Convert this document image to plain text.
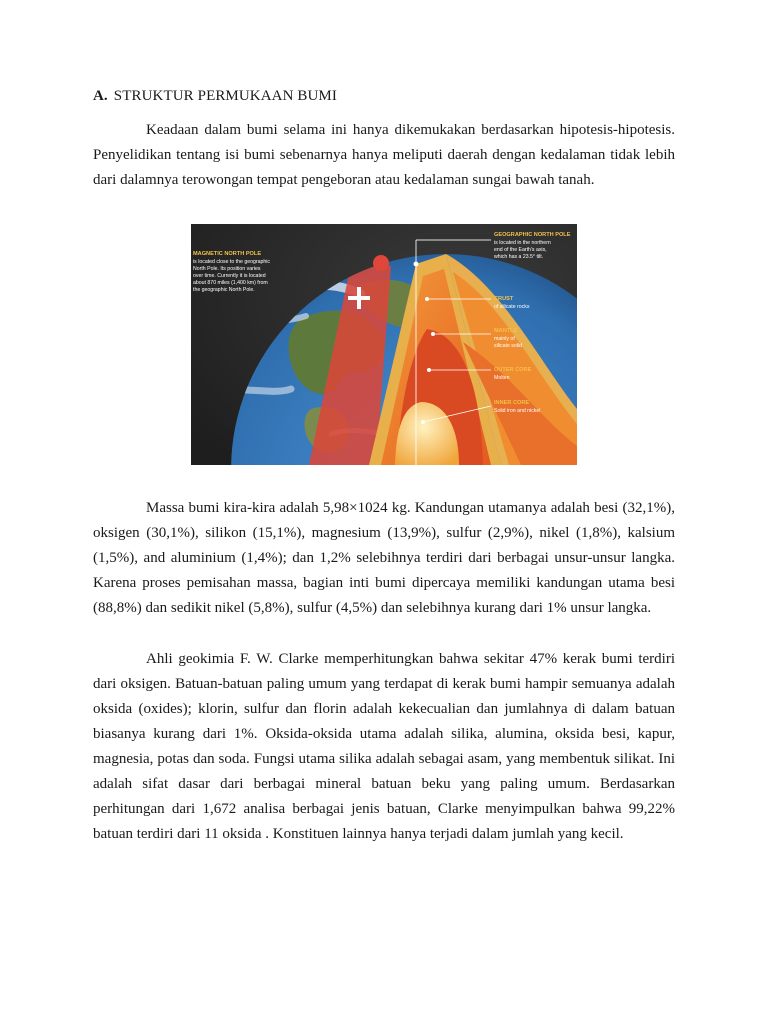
A. STRUKTUR PERMUKAAN BUMI

Keadaan dalam bumi selama ini hanya dikemukakan berdasarkan hipotesis-hipotesis. Penyelidikan tentang isi bumi sebenarnya hanya meliputi daerah dengan kedalaman tidak lebih dari dalamnya terowongan tempat pengeboran atau kedalaman sungai bawah tanah.

MAGNETIC NORTH POLE
is located close to the geographic
North Pole. Its position varies
over time. Currently it is located
about 870 miles (1,400 km) from
the geographic North Pole.
GEOGRAPHIC NORTH POLE
is located in the northern
end of the Earth's axis,
which has a 23.5° tilt.
CRUST
of silicate rocks
MANTLE
mainly of
silicate solid
OUTER CORE
Molten
INNER CORE
Solid iron and nickel

Massa bumi kira-kira adalah 5,98×1024 kg. Kandungan utamanya adalah besi (32,1%), oksigen (30,1%), silikon (15,1%), magnesium (13,9%), sulfur (2,9%), nikel (1,8%), kalsium (1,5%), and aluminium (1,4%); dan 1,2% selebihnya terdiri dari berbagai unsur-unsur langka. Karena proses pemisahan massa, bagian inti bumi dipercaya memiliki kandungan utama besi (88,8%) dan sedikit nikel (5,8%), sulfur (4,5%) dan selebihnya kurang dari 1% unsur langka.

Ahli geokimia F. W. Clarke memperhitungkan bahwa sekitar 47% kerak bumi terdiri dari oksigen. Batuan-batuan paling umum yang terdapat di kerak bumi hampir semuanya adalah oksida (oxides); klorin, sulfur dan florin adalah kekecualian dan jumlahnya di dalam batuan biasanya kurang dari 1%. Oksida-oksida utama adalah silika, alumina, oksida besi, kapur, magnesia, potas dan soda. Fungsi utama silika adalah sebagai asam, yang membentuk silikat. Ini adalah sifat dasar dari berbagai mineral batuan beku yang paling umum. Berdasarkan perhitungan dari 1,672 analisa berbagai jenis batuan, Clarke menyimpulkan bahwa 99,22% batuan terdiri dari 11 oksida . Konstituen lainnya hanya terjadi dalam jumlah yang kecil.
